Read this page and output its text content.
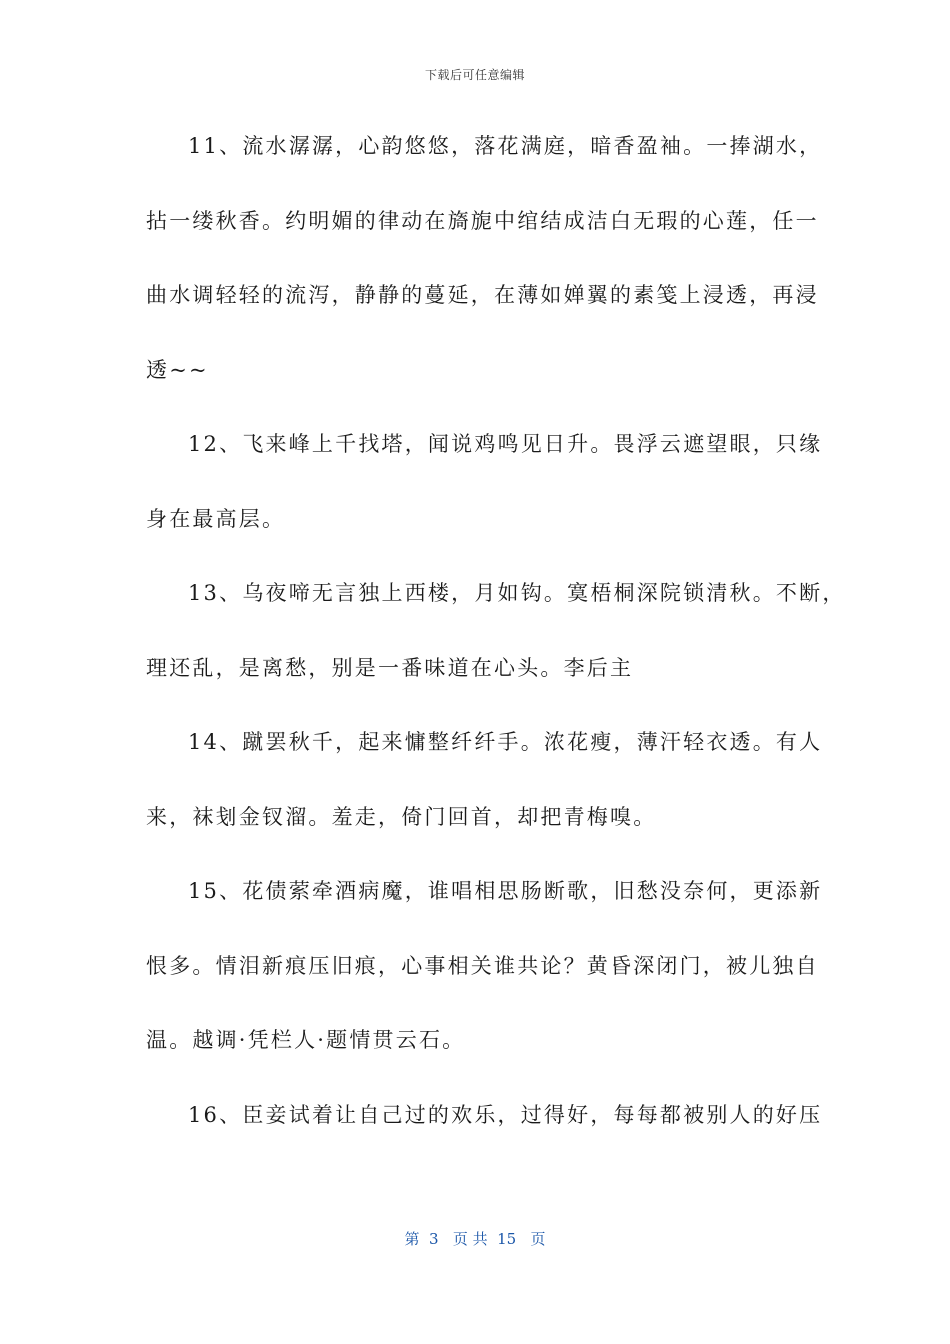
下载后可任意编辑
11、流水潺潺，心韵悠悠，落花满庭，暗香盈袖。一捧湖水，
拈一缕秋香。约明媚的律动在旖旎中绾结成洁白无瑕的心莲，任一
曲水调轻轻的流泻，静静的蔓延，在薄如婵翼的素笺上浸透，再浸
透~~
12、飞来峰上千找塔，闻说鸡鸣见日升。畏浮云遮望眼，只缘
身在最高层。
13、乌夜啼无言独上西楼，月如钩。寞梧桐深院锁清秋。不断，
理还乱，是离愁，别是一番味道在心头。李后主
14、蹴罢秋千，起来慵整纤纤手。浓花瘦，薄汗轻衣透。有人
来，袜刬金钗溜。羞走，倚门回首，却把青梅嗅。
15、花债萦牵酒病魔，谁唱相思肠断歌，旧愁没奈何，更添新
恨多。情泪新痕压旧痕，心事相关谁共论？黄昏深闭门，被儿独自
温。越调·凭栏人·题情贯云石。
16、臣妾试着让自己过的欢乐，过得好，每每都被别人的好压
第  3   页 共  15   页
